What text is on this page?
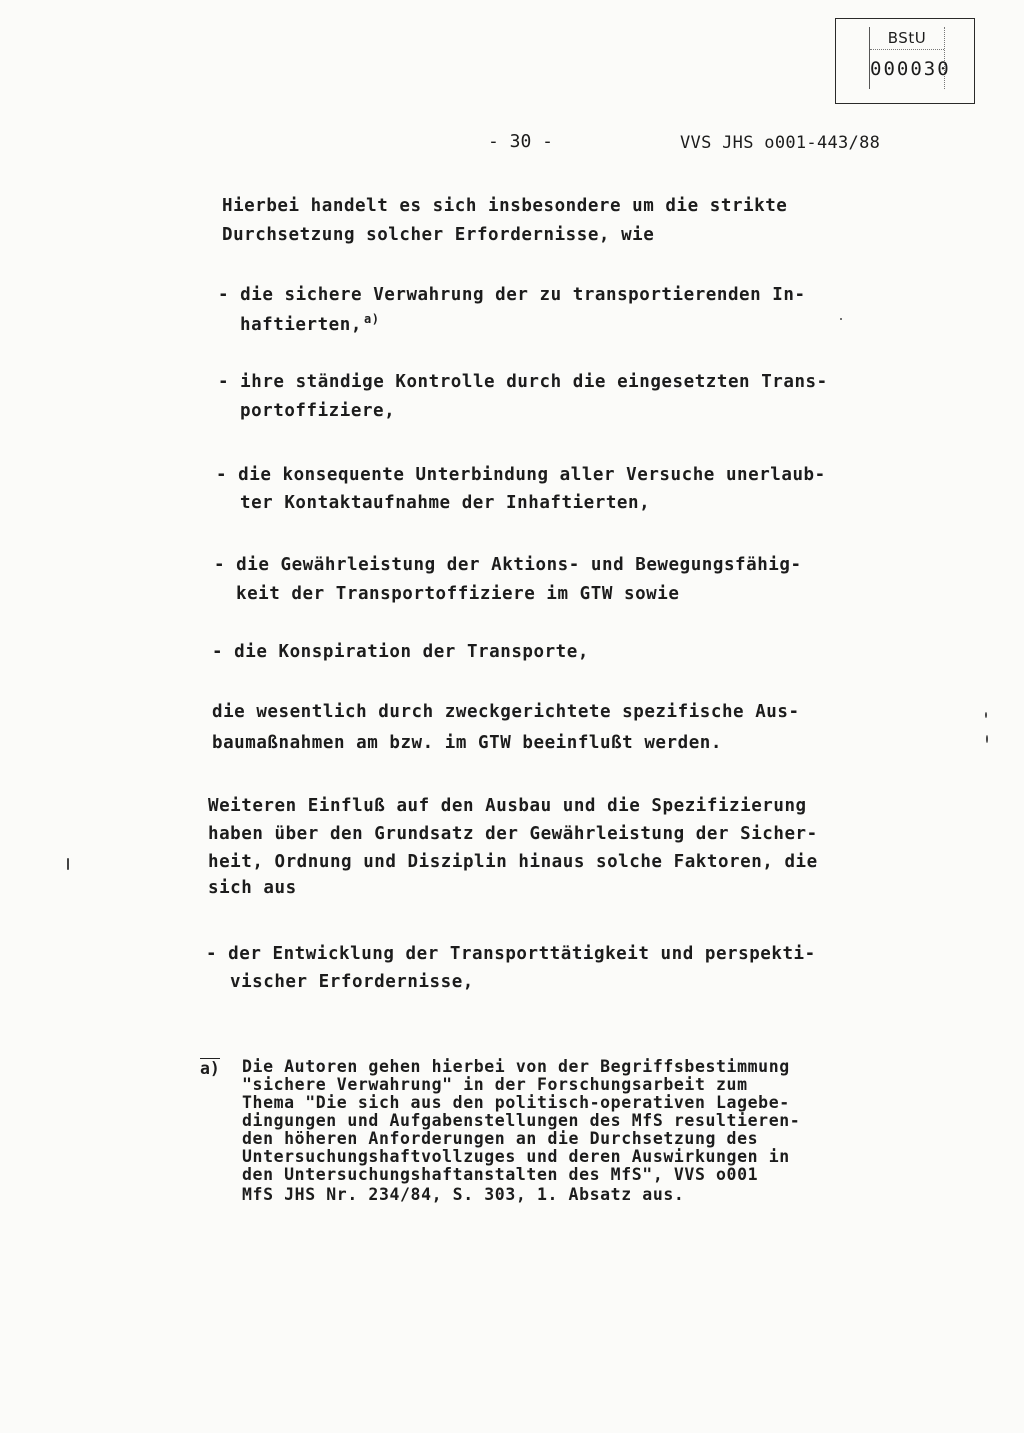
BStU
000030
- 30 -	VVS JHS o001-443/88
Hierbei handelt es sich insbesondere um die strikte
Durchsetzung solcher Erfordernisse, wie
- die sichere Verwahrung der zu transportierenden In-
haftierten, $^{a)}$
- ihre ständige Kontrolle durch die eingesetzten Trans-
portoffiziere,
- die konsequente Unterbindung aller Versuche unerlaub-
ter Kontaktaufnahme der Inhaftierten,
- die Gewährleistung der Aktions- und Bewegungsfähig-
keit der Transportoffiziere im GTW sowie
- die Konspiration der Transporte,
die wesentlich durch zweckgerichtete spezifische Aus-
baumaßnahmen am bzw. im GTW beeinflußt werden.
Weiteren Einfluß auf den Ausbau und die Spezifizierung
haben über den Grundsatz der Gewährleistung der Sicher-
heit, Ordnung und Disziplin hinaus solche Faktoren, die
sich aus
- der Entwicklung der Transporttätigkeit und perspekti-
vischer Erfordernisse,
a) Die Autoren gehen hierbei von der Begriffsbestimmung
"sichere Verwahrung" in der Forschungsarbeit zum
Thema "Die sich aus den politisch-operativen Lagebe-
dingungen und Aufgabenstellungen des MfS resultieren-
den höheren Anforderungen an die Durchsetzung des
Untersuchungshaftvollzuges und deren Auswirkungen in
den Untersuchungshaftanstalten des MfS", VVS o001
MfS JHS Nr. 234/84, S. 303, 1. Absatz aus.
